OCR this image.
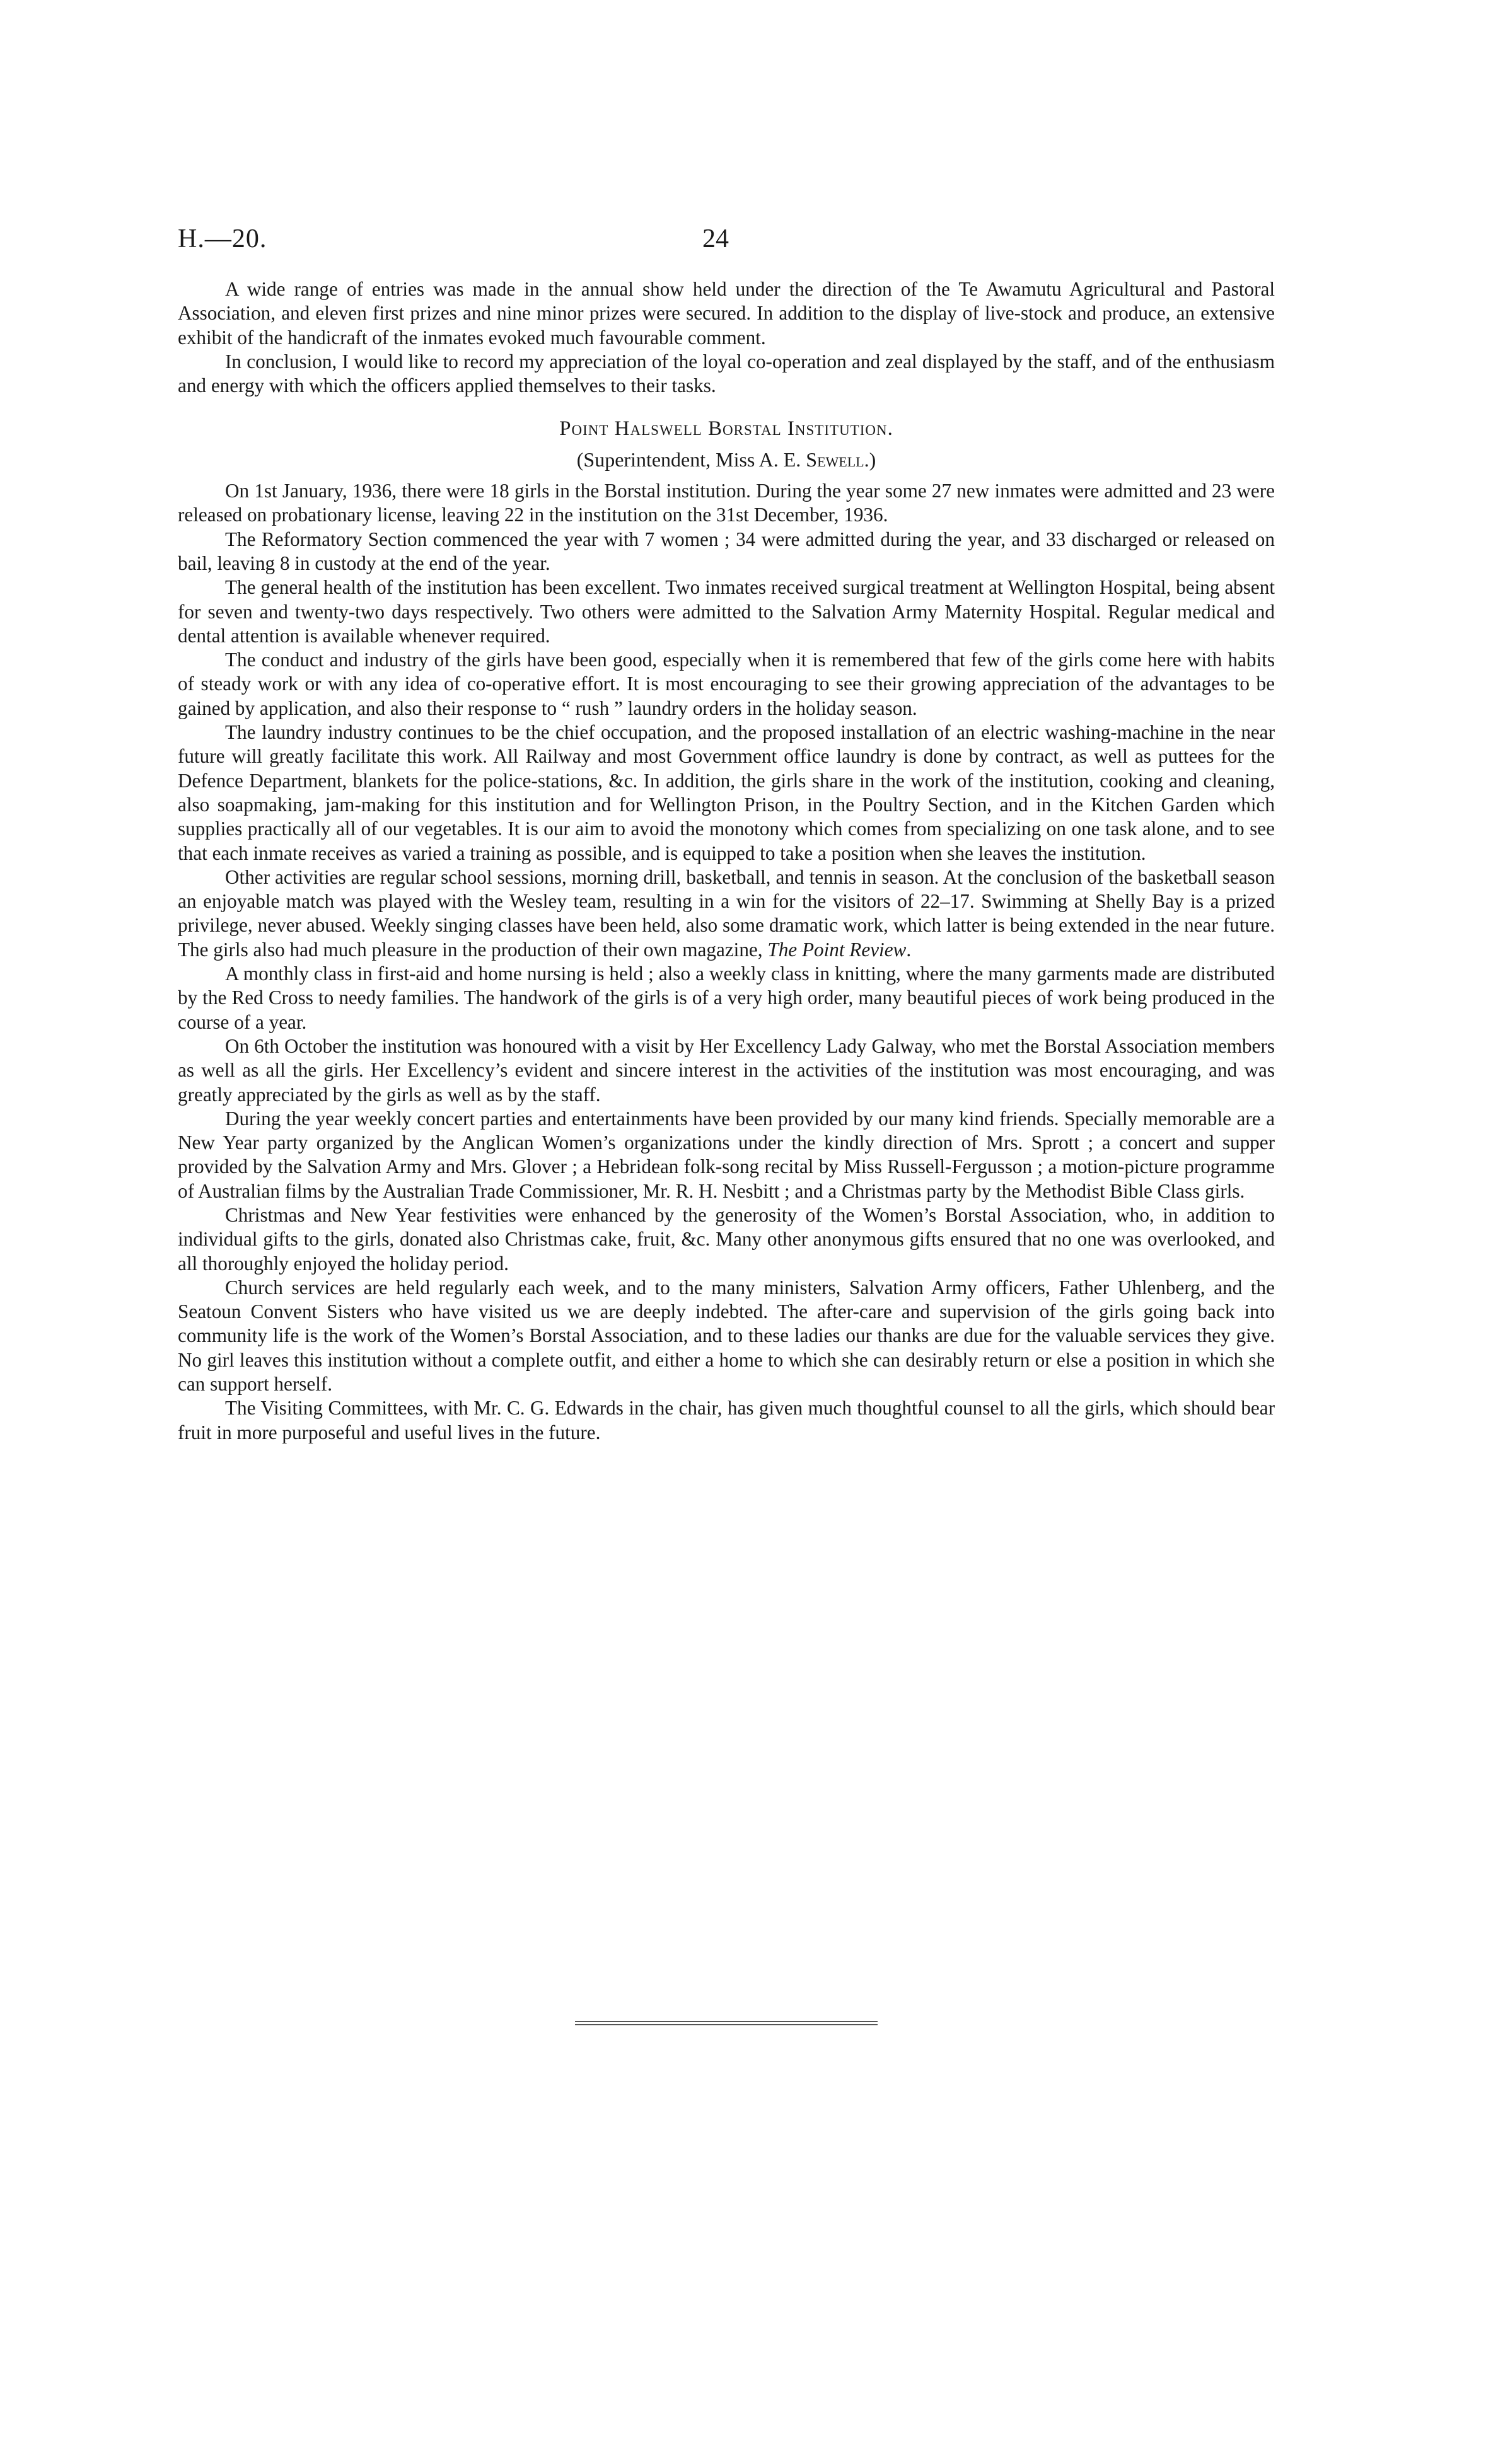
H.—20.	24

A wide range of entries was made in the annual show held under the direction of the Te Awamutu Agricultural and Pastoral Association, and eleven first prizes and nine minor prizes were secured. In addition to the display of live-stock and produce, an extensive exhibit of the handicraft of the inmates evoked much favourable comment.

In conclusion, I would like to record my appreciation of the loyal co-operation and zeal displayed by the staff, and of the enthusiasm and energy with which the officers applied themselves to their tasks.

Point Halswell Borstal Institution.
(Superintendent, Miss A. E. Sewell.)

On 1st January, 1936, there were 18 girls in the Borstal institution. During the year some 27 new inmates were admitted and 23 were released on probationary license, leaving 22 in the institution on the 31st December, 1936.

The Reformatory Section commenced the year with 7 women ; 34 were admitted during the year, and 33 discharged or released on bail, leaving 8 in custody at the end of the year.

The general health of the institution has been excellent. Two inmates received surgical treatment at Wellington Hospital, being absent for seven and twenty-two days respectively. Two others were admitted to the Salvation Army Maternity Hospital. Regular medical and dental attention is available whenever required.

The conduct and industry of the girls have been good, especially when it is remembered that few of the girls come here with habits of steady work or with any idea of co-operative effort. It is most encouraging to see their growing appreciation of the advantages to be gained by application, and also their response to “ rush ” laundry orders in the holiday season.

The laundry industry continues to be the chief occupation, and the proposed installation of an electric washing-machine in the near future will greatly facilitate this work. All Railway and most Government office laundry is done by contract, as well as puttees for the Defence Department, blankets for the police-stations, &c. In addition, the girls share in the work of the institution, cooking and cleaning, also soapmaking, jam-making for this institution and for Wellington Prison, in the Poultry Section, and in the Kitchen Garden which supplies practically all of our vegetables. It is our aim to avoid the monotony which comes from specializing on one task alone, and to see that each inmate receives as varied a training as possible, and is equipped to take a position when she leaves the institution.

Other activities are regular school sessions, morning drill, basketball, and tennis in season. At the conclusion of the basketball season an enjoyable match was played with the Wesley team, resulting in a win for the visitors of 22–17. Swimming at Shelly Bay is a prized privilege, never abused. Weekly singing classes have been held, also some dramatic work, which latter is being extended in the near future. The girls also had much pleasure in the production of their own magazine, The Point Review.

A monthly class in first-aid and home nursing is held ; also a weekly class in knitting, where the many garments made are distributed by the Red Cross to needy families. The handwork of the girls is of a very high order, many beautiful pieces of work being produced in the course of a year.

On 6th October the institution was honoured with a visit by Her Excellency Lady Galway, who met the Borstal Association members as well as all the girls. Her Excellency’s evident and sincere interest in the activities of the institution was most encouraging, and was greatly appreciated by the girls as well as by the staff.

During the year weekly concert parties and entertainments have been provided by our many kind friends. Specially memorable are a New Year party organized by the Anglican Women’s organizations under the kindly direction of Mrs. Sprott ; a concert and supper provided by the Salvation Army and Mrs. Glover ; a Hebridean folk-song recital by Miss Russell-Fergusson ; a motion-picture programme of Australian films by the Australian Trade Commissioner, Mr. R. H. Nesbitt ; and a Christmas party by the Methodist Bible Class girls.

Christmas and New Year festivities were enhanced by the generosity of the Women’s Borstal Association, who, in addition to individual gifts to the girls, donated also Christmas cake, fruit, &c. Many other anonymous gifts ensured that no one was overlooked, and all thoroughly enjoyed the holiday period.

Church services are held regularly each week, and to the many ministers, Salvation Army officers, Father Uhlenberg, and the Seatoun Convent Sisters who have visited us we are deeply indebted. The after-care and supervision of the girls going back into community life is the work of the Women’s Borstal Association, and to these ladies our thanks are due for the valuable services they give. No girl leaves this institution without a complete outfit, and either a home to which she can desirably return or else a position in which she can support herself.

The Visiting Committees, with Mr. C. G. Edwards in the chair, has given much thoughtful counsel to all the girls, which should bear fruit in more purposeful and useful lives in the future.
